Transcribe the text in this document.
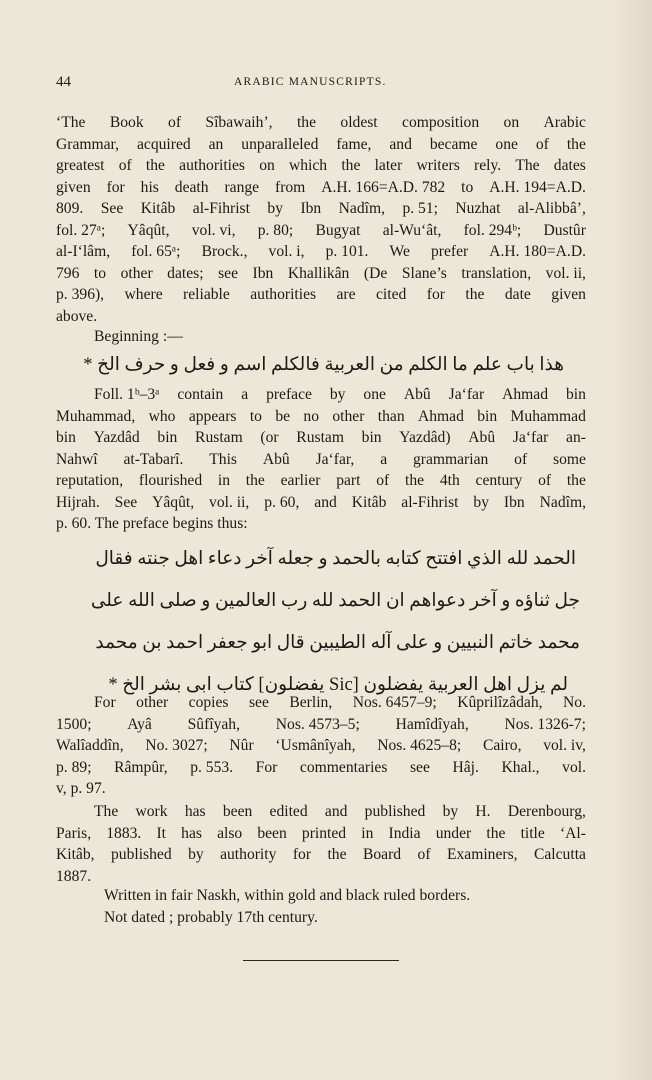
44	ARABIC MANUSCRIPTS.
‘The Book of Sîbawaih’, the oldest composition on Arabic
Grammar, acquired an unparalleled fame, and became one of the
greatest of the authorities on which the later writers rely. The dates
given for his death range from A.H. 166=A.D. 782 to A.H. 194=A.D.
809. See Kitâb al-Fihrist by Ibn Nadîm, p. 51; Nuzhat al-Alibbâ’,
fol. 27ᵃ; Yâqût, vol. vi, p. 80; Bugyat al-Wu‘ât, fol. 294ᵇ; Dustûr
al-I‘lâm, fol. 65ᵃ; Brock., vol. i, p. 101. We prefer A.H. 180=A.D.
796 to other dates; see Ibn Khallikân (De Slane’s translation, vol. ii,
p. 396), where reliable authorities are cited for the date given
above.
Beginning :—
هذا باب علم ما الكلم من العربية فالكلم اسم و فعل و حرف الخ *
Foll. 1ᵇ–3ᵃ contain a preface by one Abû Ja‘far Ahmad bin
Muhammad, who appears to be no other than Ahmad bin Muhammad
bin Yazdâd bin Rustam (or Rustam bin Yazdâd) Abû Ja‘far an-
Nahwî at-Tabarî. This Abû Ja‘far, a grammarian of some
reputation, flourished in the earlier part of the 4th century of the
Hijrah. See Yâqût, vol. ii, p. 60, and Kitâb al-Fihrist by Ibn Nadîm,
p. 60. The preface begins thus:
الحمد لله الذي افتتح كتابه بالحمد و جعله آخر دعاء اهل جنته فقال
جل ثناؤه و آخر دعواهم ان الحمد لله رب العالمين و صلى الله على
محمد خاتم النبيين و على آله الطيبين قال ابو جعفر احمد بن محمد
لم يزل اهل العربية يفضلون [Sic يفضلون] كتاب ابى بشر الخ *
For other copies see Berlin, Nos. 6457–9; Kûprilîzâdah, No.
1500; Ayâ Sûfîyah, Nos. 4573–5; Hamîdîyah, Nos. 1326-7;
Walîaddîn, No. 3027; Nûr ‘Usmânîyah, Nos. 4625–8; Cairo, vol. iv,
p. 89; Râmpûr, p. 553. For commentaries see Hâj. Khal., vol.
v, p. 97.
The work has been edited and published by H. Derenbourg,
Paris, 1883. It has also been printed in India under the title ‘Al-
Kitâb, published by authority for the Board of Examiners, Calcutta
1887.
Written in fair Naskh, within gold and black ruled borders.
Not dated ; probably 17th century.
